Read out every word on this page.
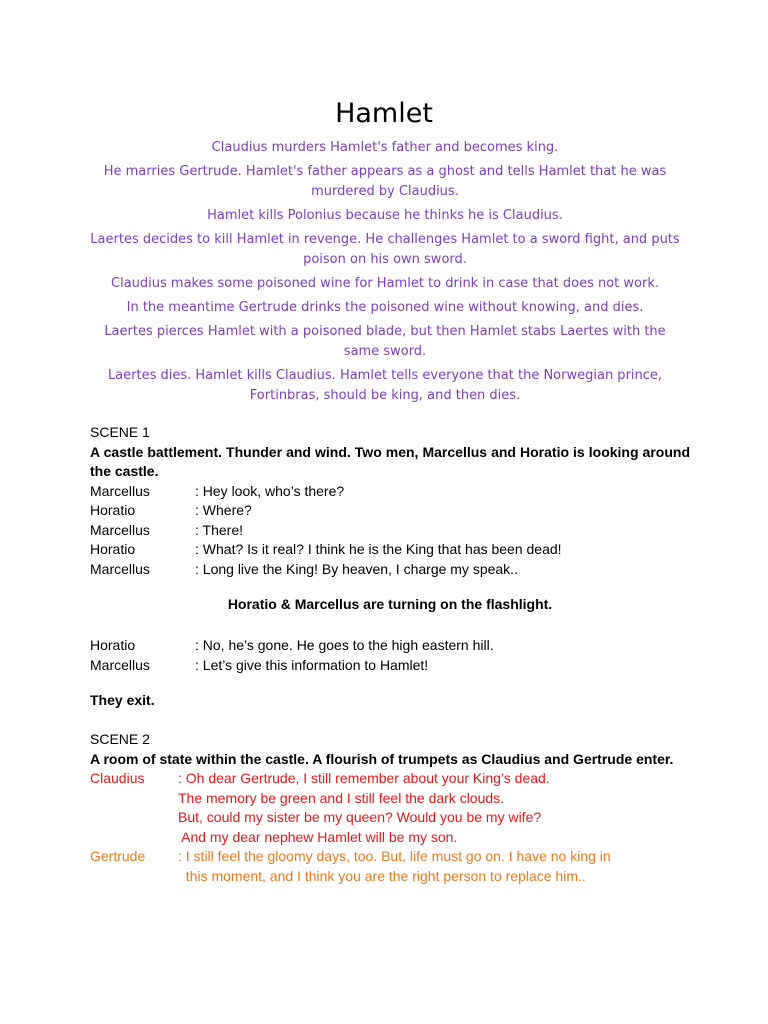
Hamlet

Claudius murders Hamlet's father and becomes king.

He marries Gertrude. Hamlet's father appears as a ghost and tells Hamlet that he was murdered by Claudius.

Hamlet kills Polonius because he thinks he is Claudius.

Laertes decides to kill Hamlet in revenge. He challenges Hamlet to a sword fight, and puts poison on his own sword.

Claudius makes some poisoned wine for Hamlet to drink in case that does not work.

In the meantime Gertrude drinks the poisoned wine without knowing, and dies.

Laertes pierces Hamlet with a poisoned blade, but then Hamlet stabs Laertes with the same sword.

Laertes dies. Hamlet kills Claudius. Hamlet tells everyone that the Norwegian prince, Fortinbras, should be king, and then dies.

SCENE 1
A castle battlement. Thunder and wind. Two men, Marcellus and Horatio is looking around the castle.
Marcellus	: Hey look, who’s there?
Horatio	: Where?
Marcellus	: There!
Horatio	: What? Is it real? I think he is the King that has been dead!
Marcellus	: Long live the King! By heaven, I charge my speak..
Horatio & Marcellus are turning on the flashlight.
Horatio	: No, he’s gone. He goes to the high eastern hill.
Marcellus	: Let’s give this information to Hamlet!
They exit.
SCENE 2
A room of state within the castle. A flourish of trumpets as Claudius and Gertrude enter.
Claudius	: Oh dear Gertrude, I still remember about your King’s dead.
The memory be green and I still feel the dark clouds.
But, could my sister be my queen? Would you be my wife?
And my dear nephew Hamlet will be my son.
Gertrude	: I still feel the gloomy days, too. But, life must go on. I have no king in
this moment, and I think you are the right person to replace him..
